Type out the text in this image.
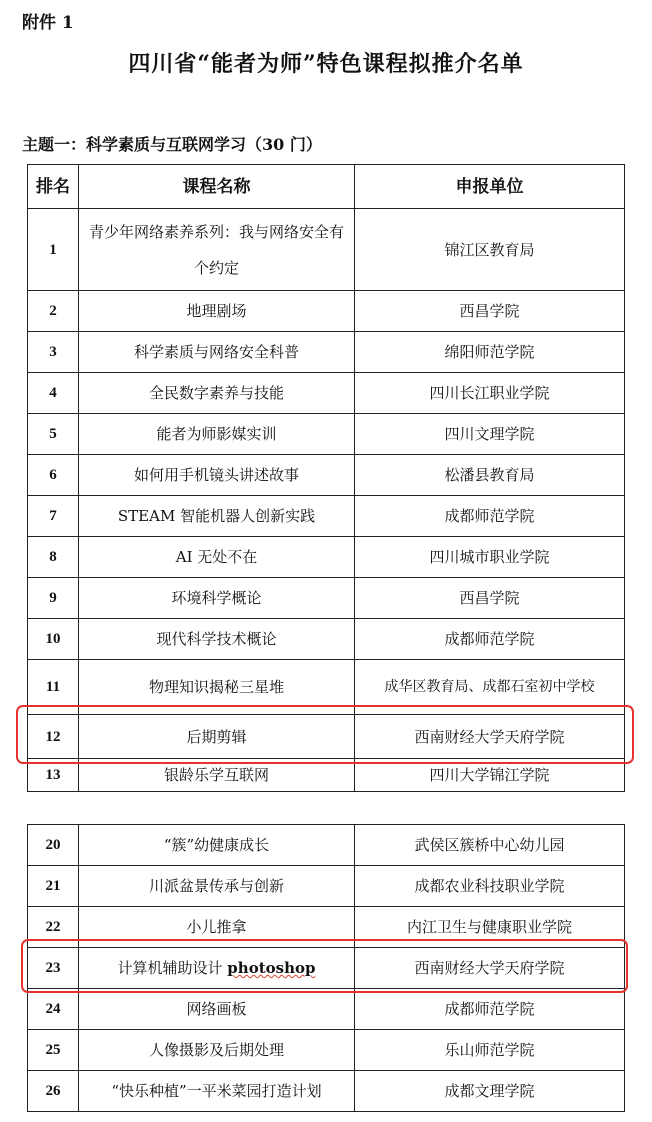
附件 1
四川省“能者为师”特色课程拟推介名单
主题一：科学素质与互联网学习（30 门）
排名	课程名称	申报单位
1	青少年网络素养系列：我与网络安全有个约定	锦江区教育局
2	地理剧场	西昌学院
3	科学素质与网络安全科普	绵阳师范学院
4	全民数字素养与技能	四川长江职业学院
5	能者为师影媒实训	四川文理学院
6	如何用手机镜头讲述故事	松潘县教育局
7	STEAM 智能机器人创新实践	成都师范学院
8	AI 无处不在	四川城市职业学院
9	环境科学概论	西昌学院
10	现代科学技术概论	成都师范学院
11	物理知识揭秘三星堆	成华区教育局、成都石室初中学校
12	后期剪辑	西南财经大学天府学院
13	银龄乐学互联网	四川大学锦江学院
20	“簇”幼健康成长	武侯区簇桥中心幼儿园
21	川派盆景传承与创新	成都农业科技职业学院
22	小儿推拿	内江卫生与健康职业学院
23	计算机辅助设计 photoshop	西南财经大学天府学院
24	网络画板	成都师范学院
25	人像摄影及后期处理	乐山师范学院
26	“快乐种植”一平米菜园打造计划	成都文理学院
